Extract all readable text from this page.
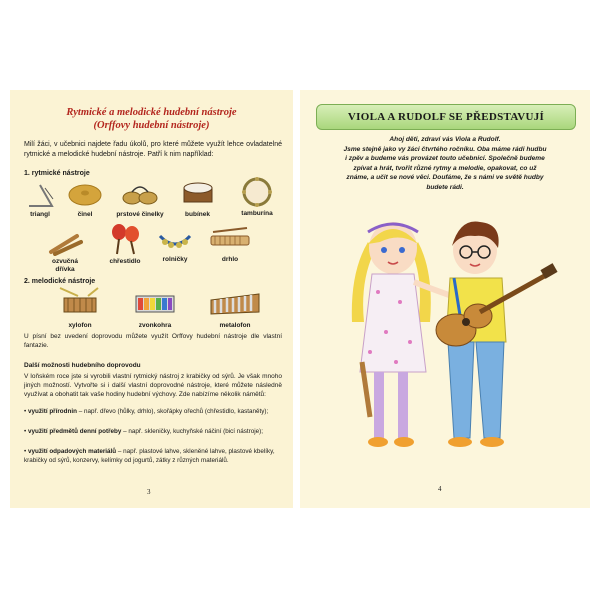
Rytmické a melodické hudební nástroje
(Orffovy hudební nástroje)
Milí žáci, v učebnici najdete řadu úkolů, pro které můžete využít lehce ovladatelné rytmické a melodické hudební nástroje. Patří k nim například:
1. rytmické nástroje
triangl	činel	prstové činelky	bubínek	tamburína
ozvučná dřívka
chřestidlo	rolničky	drhlo
2. melodické nástroje
xylofon	zvonkohra	metalofon
U písní bez uvedení doprovodu můžete využít Orffovy hudební nástroje dle vlastní fantazie.
Další možnosti hudebního doprovodu
V loňském roce jste si vyrobili vlastní rytmický nástroj z krabičky od sýrů. Je však mnoho jiných možností. Vytvořte si i další vlastní doprovodné nástroje, které můžete následně využívat a obohatit tak vaše hodiny hudební výchovy. Zde nabízíme několik námětů:
• využití přírodnin – např. dřevo (hůlky, drhlo), skořápky ořechů (chřestidlo, kastaněty);
• využití předmětů denní potřeby – např. skleničky, kuchyňské náčiní (bicí nástroje);
• využití odpadových materiálů – např. plastové lahve, skleněné lahve, plastové kbelíky, krabičky od sýrů, konzervy, kelímky od jogurtů, zátky z různých materiálů.
3
VIOLA A RUDOLF SE PŘEDSTAVUJÍ
Ahoj děti, zdraví vás Viola a Rudolf.
Jsme stejně jako vy žáci čtvrtého ročníku. Oba máme rádi hudbu
i zpěv a budeme vás provázet touto učebnicí. Společně budeme
zpívat a hrát, tvořit různé rytmy a melodie, opakovat, co už
známe, a učit se nové věci. Doufáme, že s námi ve světě hudby
budete rádi.
4
